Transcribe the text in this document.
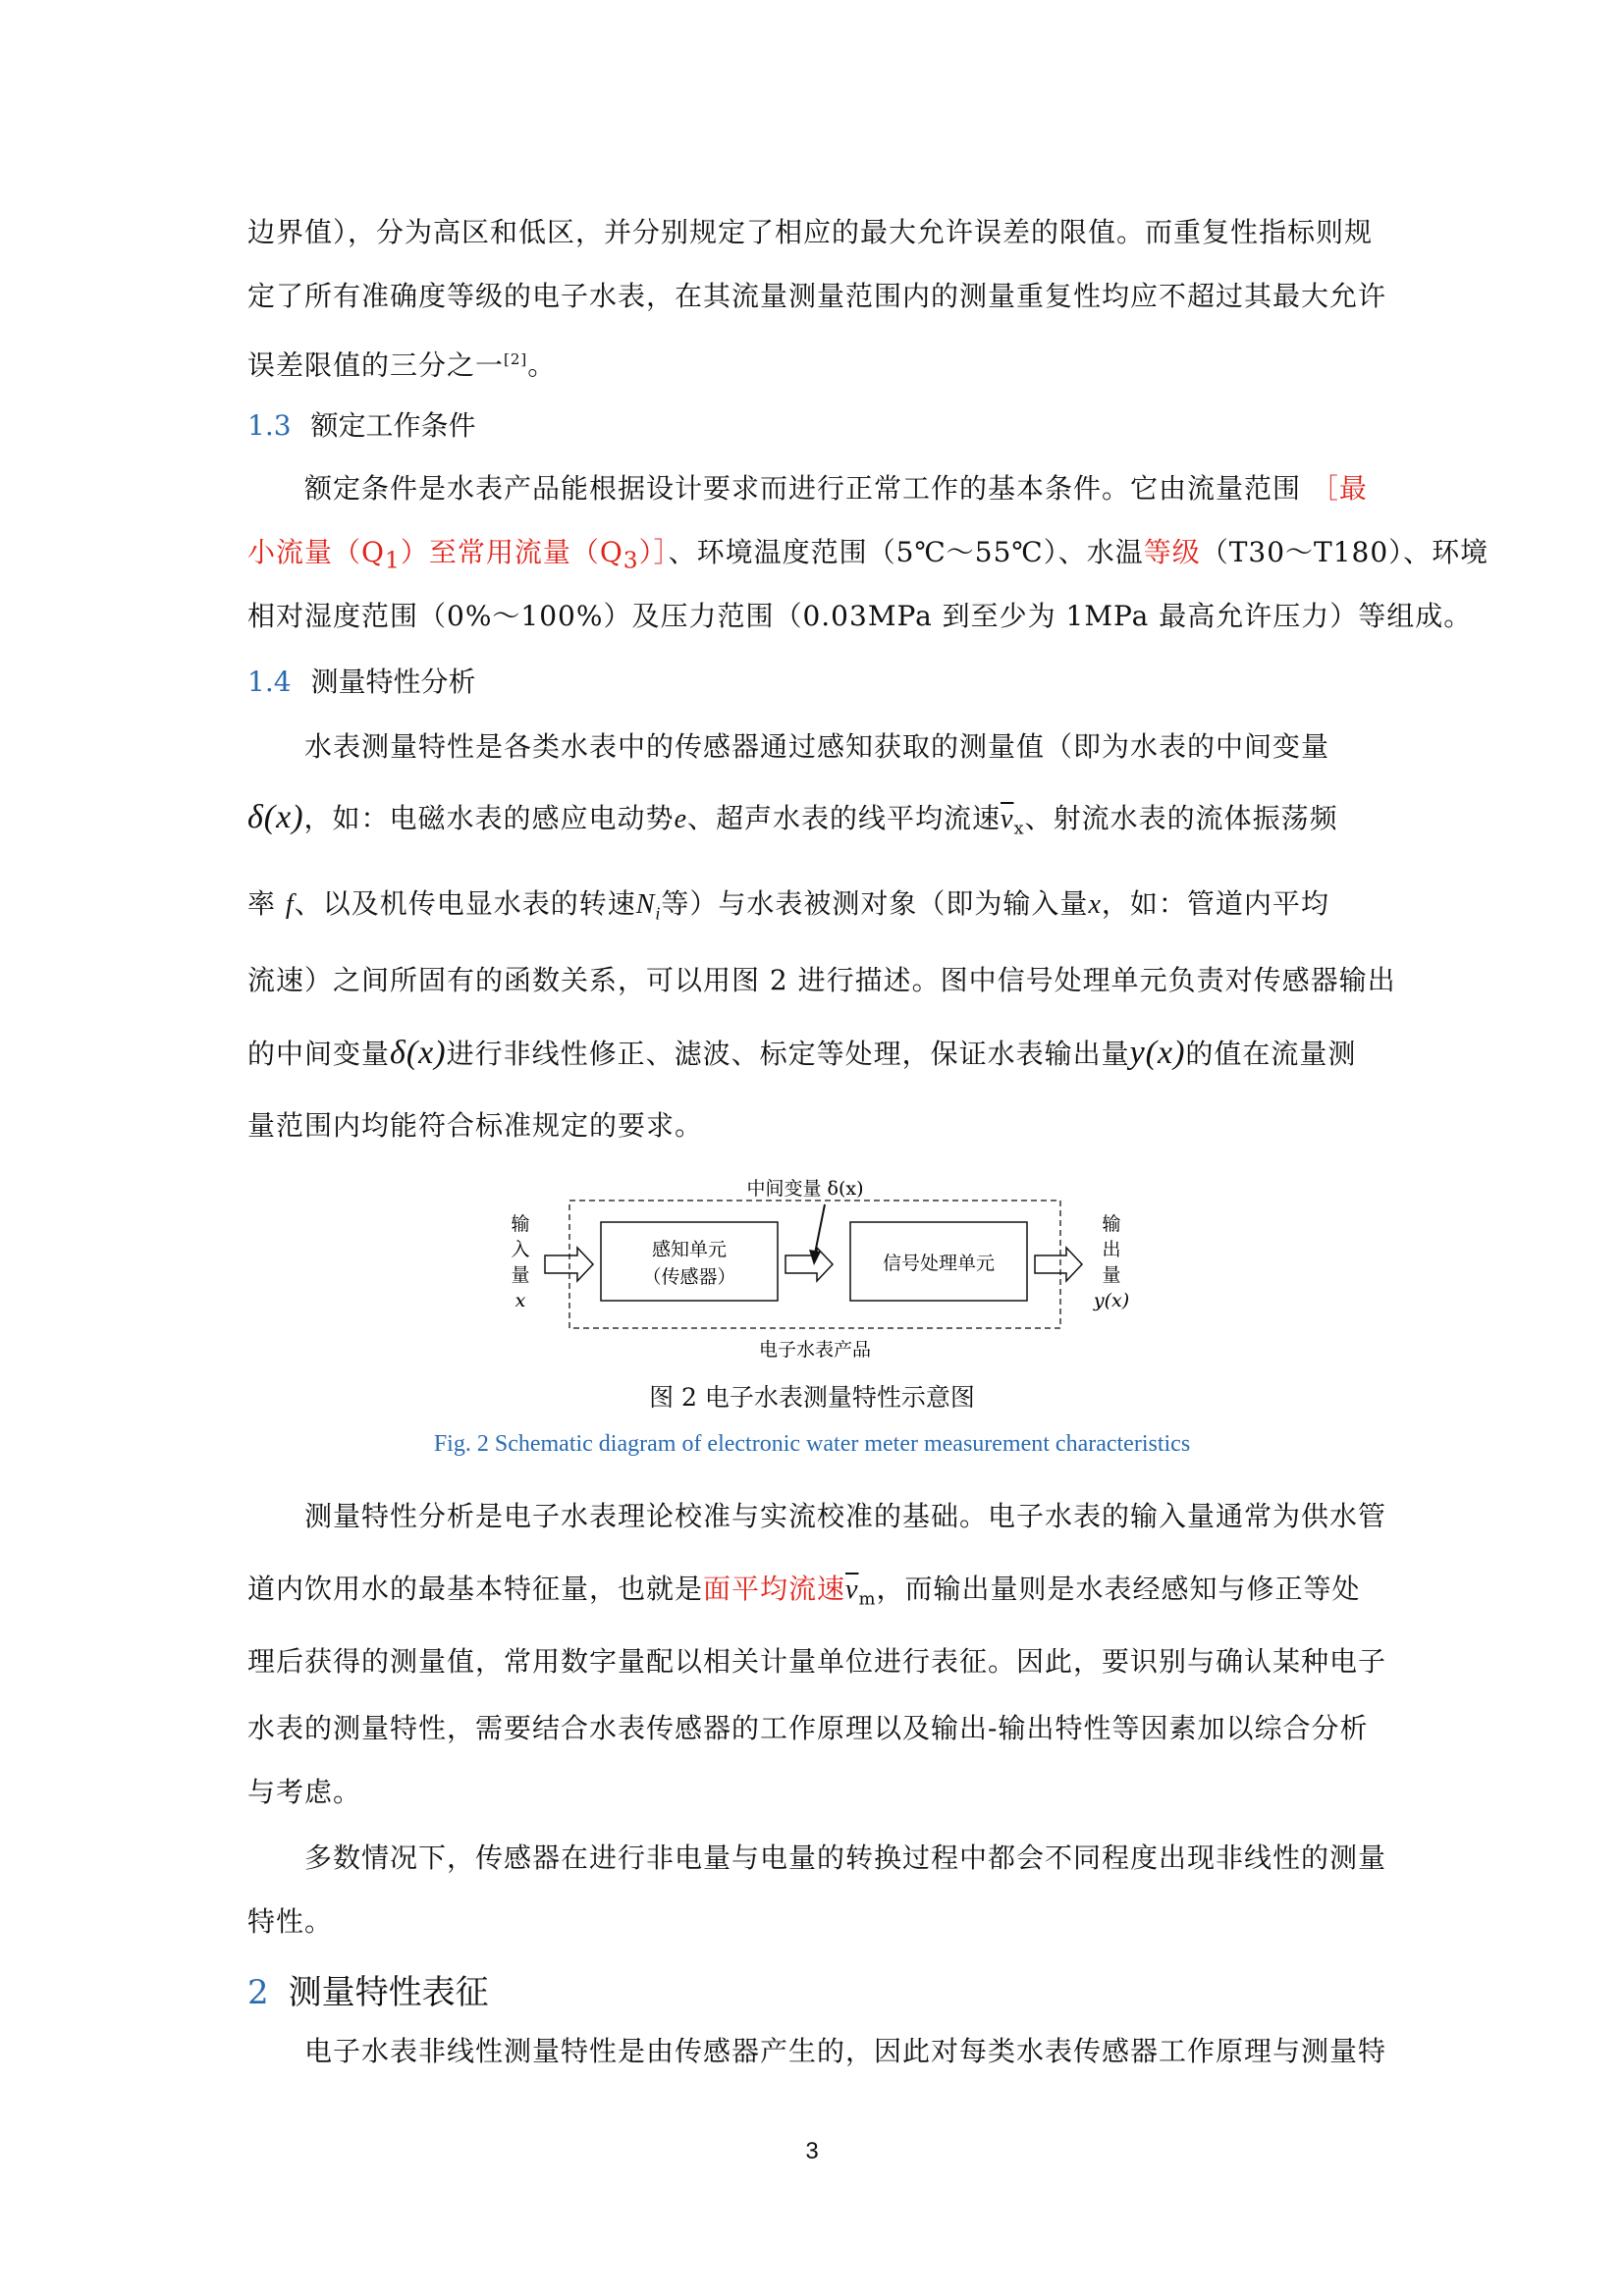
边界值），分为高区和低区，并分别规定了相应的最大允许误差的限值。而重复性指标则规

定了所有准确度等级的电子水表，在其流量测量范围内的测量重复性均应不超过其最大允许

误差限值的三分之一[2]。

1.3 额定工作条件

额定条件是水表产品能根据设计要求而进行正常工作的基本条件。它由流量范围 ［最

小流量$(Q_1)$至常用流量$(Q_3)]$、环境温度范围（5℃～55℃）、水温等级（T30～T180）、环境

相对湿度范围（0%～100%）及压力范围（0.03MPa 到至少为 1MPa 最高允许压力）等组成。

1.4 测量特性分析

水表测量特性是各类水表中的传感器通过感知获取的测量值（即为水表的中间变量

δ(x)，如：电磁水表的感应电动势e、超声水表的线平均流速$\overline{v}_x$、射流水表的流体振荡频

率 f、以及机传电显水表的转速$N_i$等）与水表被测对象（即为输入量x，如：管道内平均

流速）之间所固有的函数关系，可以用图 2 进行描述。图中信号处理单元负责对传感器输出

的中间变量δ(x)进行非线性修正、滤波、标定等处理，保证水表输出量y(x)的值在流量测

量范围内均能符合标准规定的要求。

中间变量 δ(x)
输
入
量
x
感知单元
（传感器）
信号处理单元
输
出
量
y(x)
电子水表产品

图 2 电子水表测量特性示意图

Fig. 2 Schematic diagram of electronic water meter measurement characteristics

测量特性分析是电子水表理论校准与实流校准的基础。电子水表的输入量通常为供水管

道内饮用水的最基本特征量，也就是面平均流速$\overline{v}_m$，而输出量则是水表经感知与修正等处

理后获得的测量值，常用数字量配以相关计量单位进行表征。因此，要识别与确认某种电子

水表的测量特性，需要结合水表传感器的工作原理以及输出-输出特性等因素加以综合分析

与考虑。

多数情况下，传感器在进行非电量与电量的转换过程中都会不同程度出现非线性的测量

特性。

2 测量特性表征

电子水表非线性测量特性是由传感器产生的，因此对每类水表传感器工作原理与测量特

3
